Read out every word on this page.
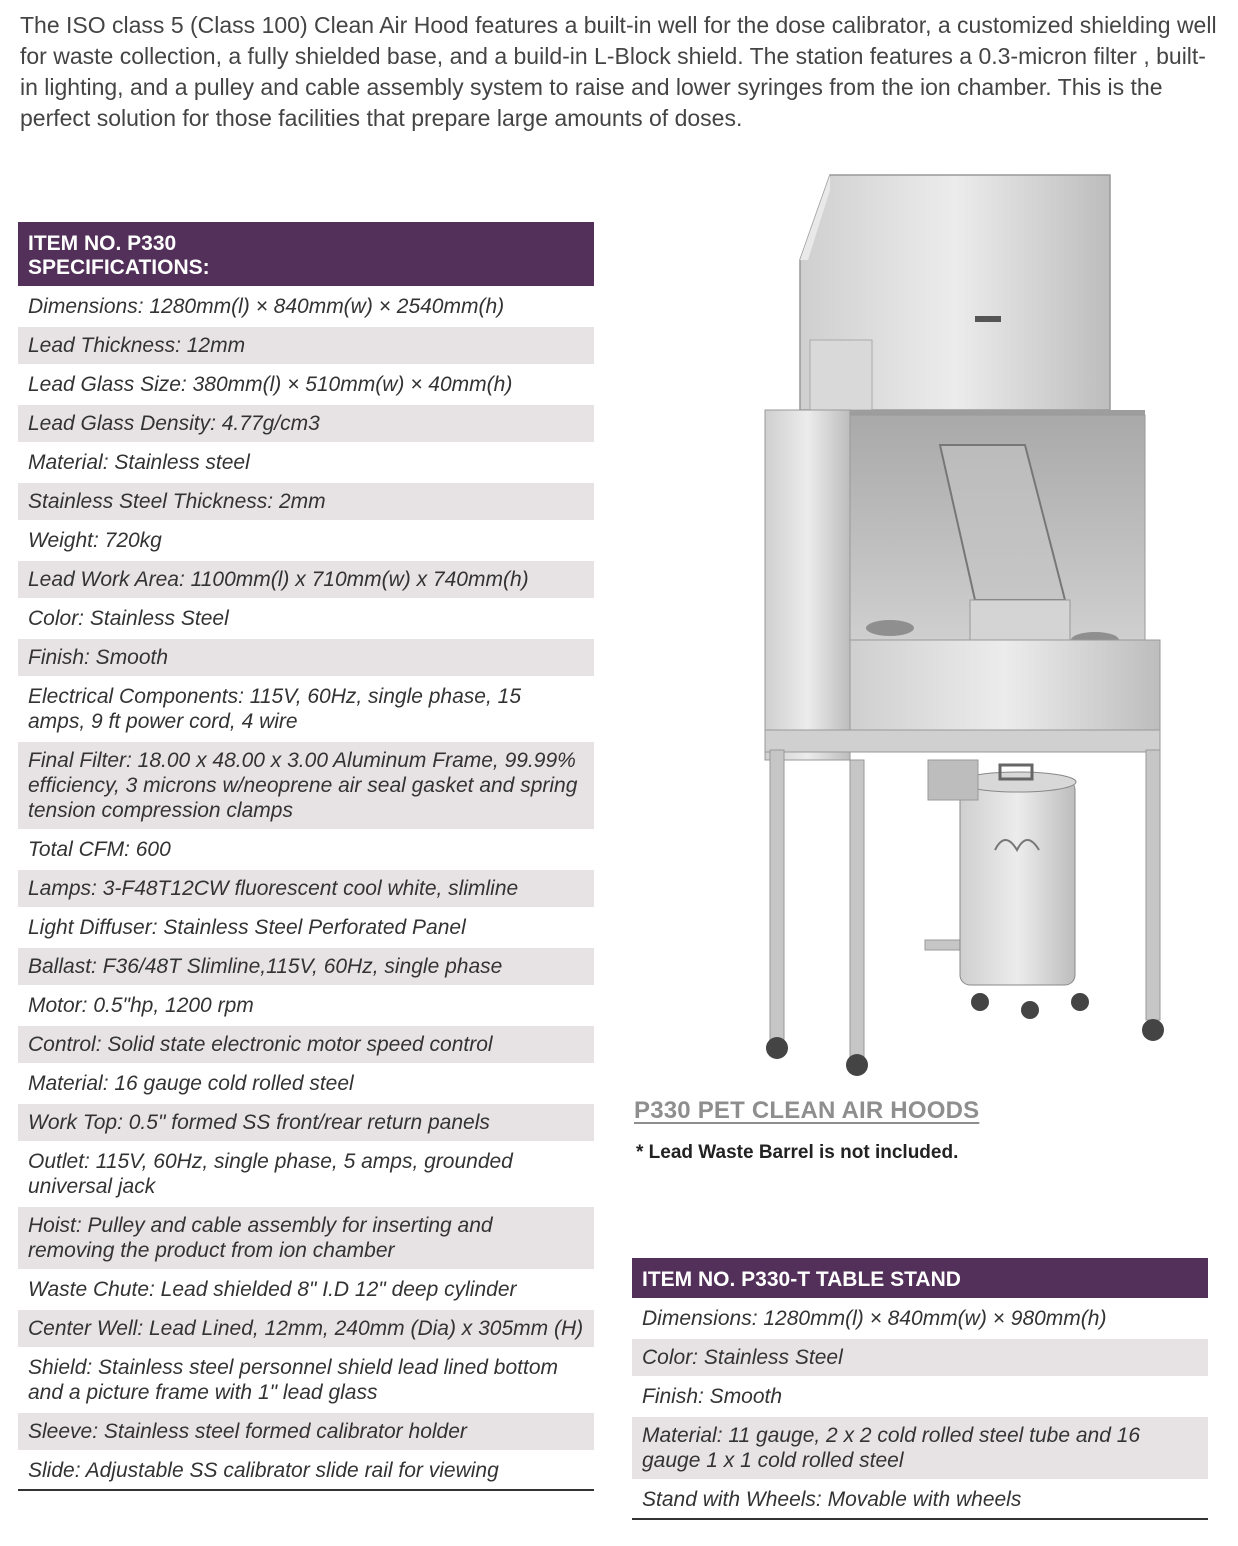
The ISO class 5 (Class 100) Clean Air Hood features a built-in well for the dose calibrator, a customized shielding well for waste collection, a fully shielded base, and a build-in L-Block shield. The station features a 0.3-micron filter , built-in lighting, and a pulley and cable assembly system to raise and lower syringes from the ion chamber. This is the perfect solution for those facilities that prepare large amounts of doses.
ITEM NO. P330
SPECIFICATIONS:
Dimensions: 1280mm(l) × 840mm(w) × 2540mm(h)
Lead Thickness: 12mm
Lead Glass Size: 380mm(l) × 510mm(w) × 40mm(h)
Lead Glass Density: 4.77g/cm3
Material: Stainless steel
Stainless Steel Thickness: 2mm
Weight: 720kg
Lead Work Area: 1100mm(l) x 710mm(w) x 740mm(h)
Color: Stainless Steel
Finish: Smooth
Electrical Components: 115V, 60Hz, single phase, 15 amps, 9 ft power cord, 4 wire
Final Filter: 18.00 x 48.00 x 3.00 Aluminum Frame, 99.99% efficiency, 3 microns w/neoprene air seal gasket and spring tension compression clamps
Total CFM: 600
Lamps: 3-F48T12CW fluorescent cool white, slimline
Light Diffuser: Stainless Steel Perforated Panel
Ballast: F36/48T Slimline,115V, 60Hz, single phase
Motor: 0.5"hp, 1200 rpm
Control: Solid state electronic motor speed control
Material: 16 gauge cold rolled steel
Work Top: 0.5" formed SS front/rear return panels
Outlet: 115V, 60Hz, single phase, 5 amps, grounded universal jack
Hoist: Pulley and cable assembly for inserting and removing the product from ion chamber
Waste Chute: Lead shielded 8" I.D 12" deep cylinder
Center Well: Lead Lined, 12mm, 240mm (Dia) x 305mm (H)
Shield: Stainless steel personnel shield lead lined bottom and a picture frame with 1" lead glass
Sleeve: Stainless steel formed calibrator holder
Slide: Adjustable SS calibrator slide rail for viewing
P330 PET CLEAN AIR HOODS
* Lead Waste Barrel is not included.
ITEM NO. P330-T TABLE STAND
Dimensions: 1280mm(l) × 840mm(w) × 980mm(h)
Color: Stainless Steel
Finish: Smooth
Material: 11 gauge, 2 x 2 cold rolled steel tube and 16 gauge 1 x 1 cold rolled steel
Stand with Wheels: Movable with wheels
